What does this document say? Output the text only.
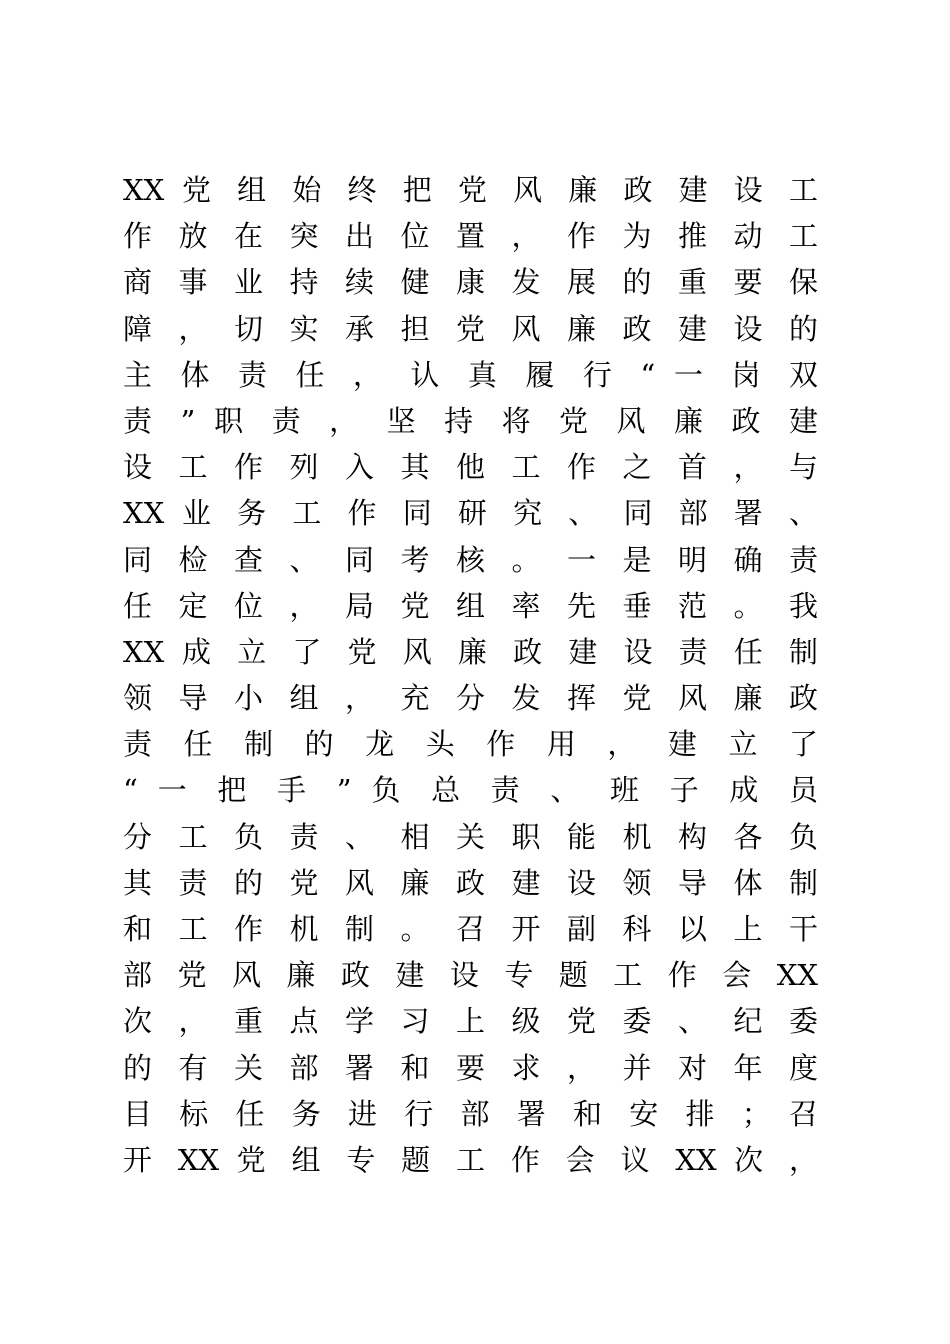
XX 党 组 始 终 把 党 风 廉 政 建 设 工
作 放 在 突 出 位 置 ， 作 为 推 动 工
商 事 业 持 续 健 康 发 展 的 重 要 保
障 ， 切 实 承 担 党 风 廉 政 建 设 的
主 体 责 任 ， 认 真 履 行 “ 一 岗 双
责 ” 职 责 ， 坚 持 将 党 风 廉 政 建
设 工 作 列 入 其 他 工 作 之 首 ， 与
XX 业 务 工 作 同 研 究 、 同 部 署 、
同 检 查 、 同 考 核 。 一 是 明 确 责
任 定 位 ， 局 党 组 率 先 垂 范 。 我
XX 成 立 了 党 风 廉 政 建 设 责 任 制
领 导 小 组 ， 充 分 发 挥 党 风 廉 政
责 任 制 的 龙 头 作 用 ， 建 立 了
“ 一 把 手 ” 负 总 责 、 班 子 成 员
分 工 负 责 、 相 关 职 能 机 构 各 负
其 责 的 党 风 廉 政 建 设 领 导 体 制
和 工 作 机 制 。 召 开 副 科 以 上 干
部 党 风 廉 政 建 设 专 题 工 作 会 XX
次 ， 重 点 学 习 上 级 党 委 、 纪 委
的 有 关 部 署 和 要 求 ， 并 对 年 度
目 标 任 务 进 行 部 署 和 安 排 ； 召
开 XX 党 组 专 题 工 作 会 议 XX 次 ，
